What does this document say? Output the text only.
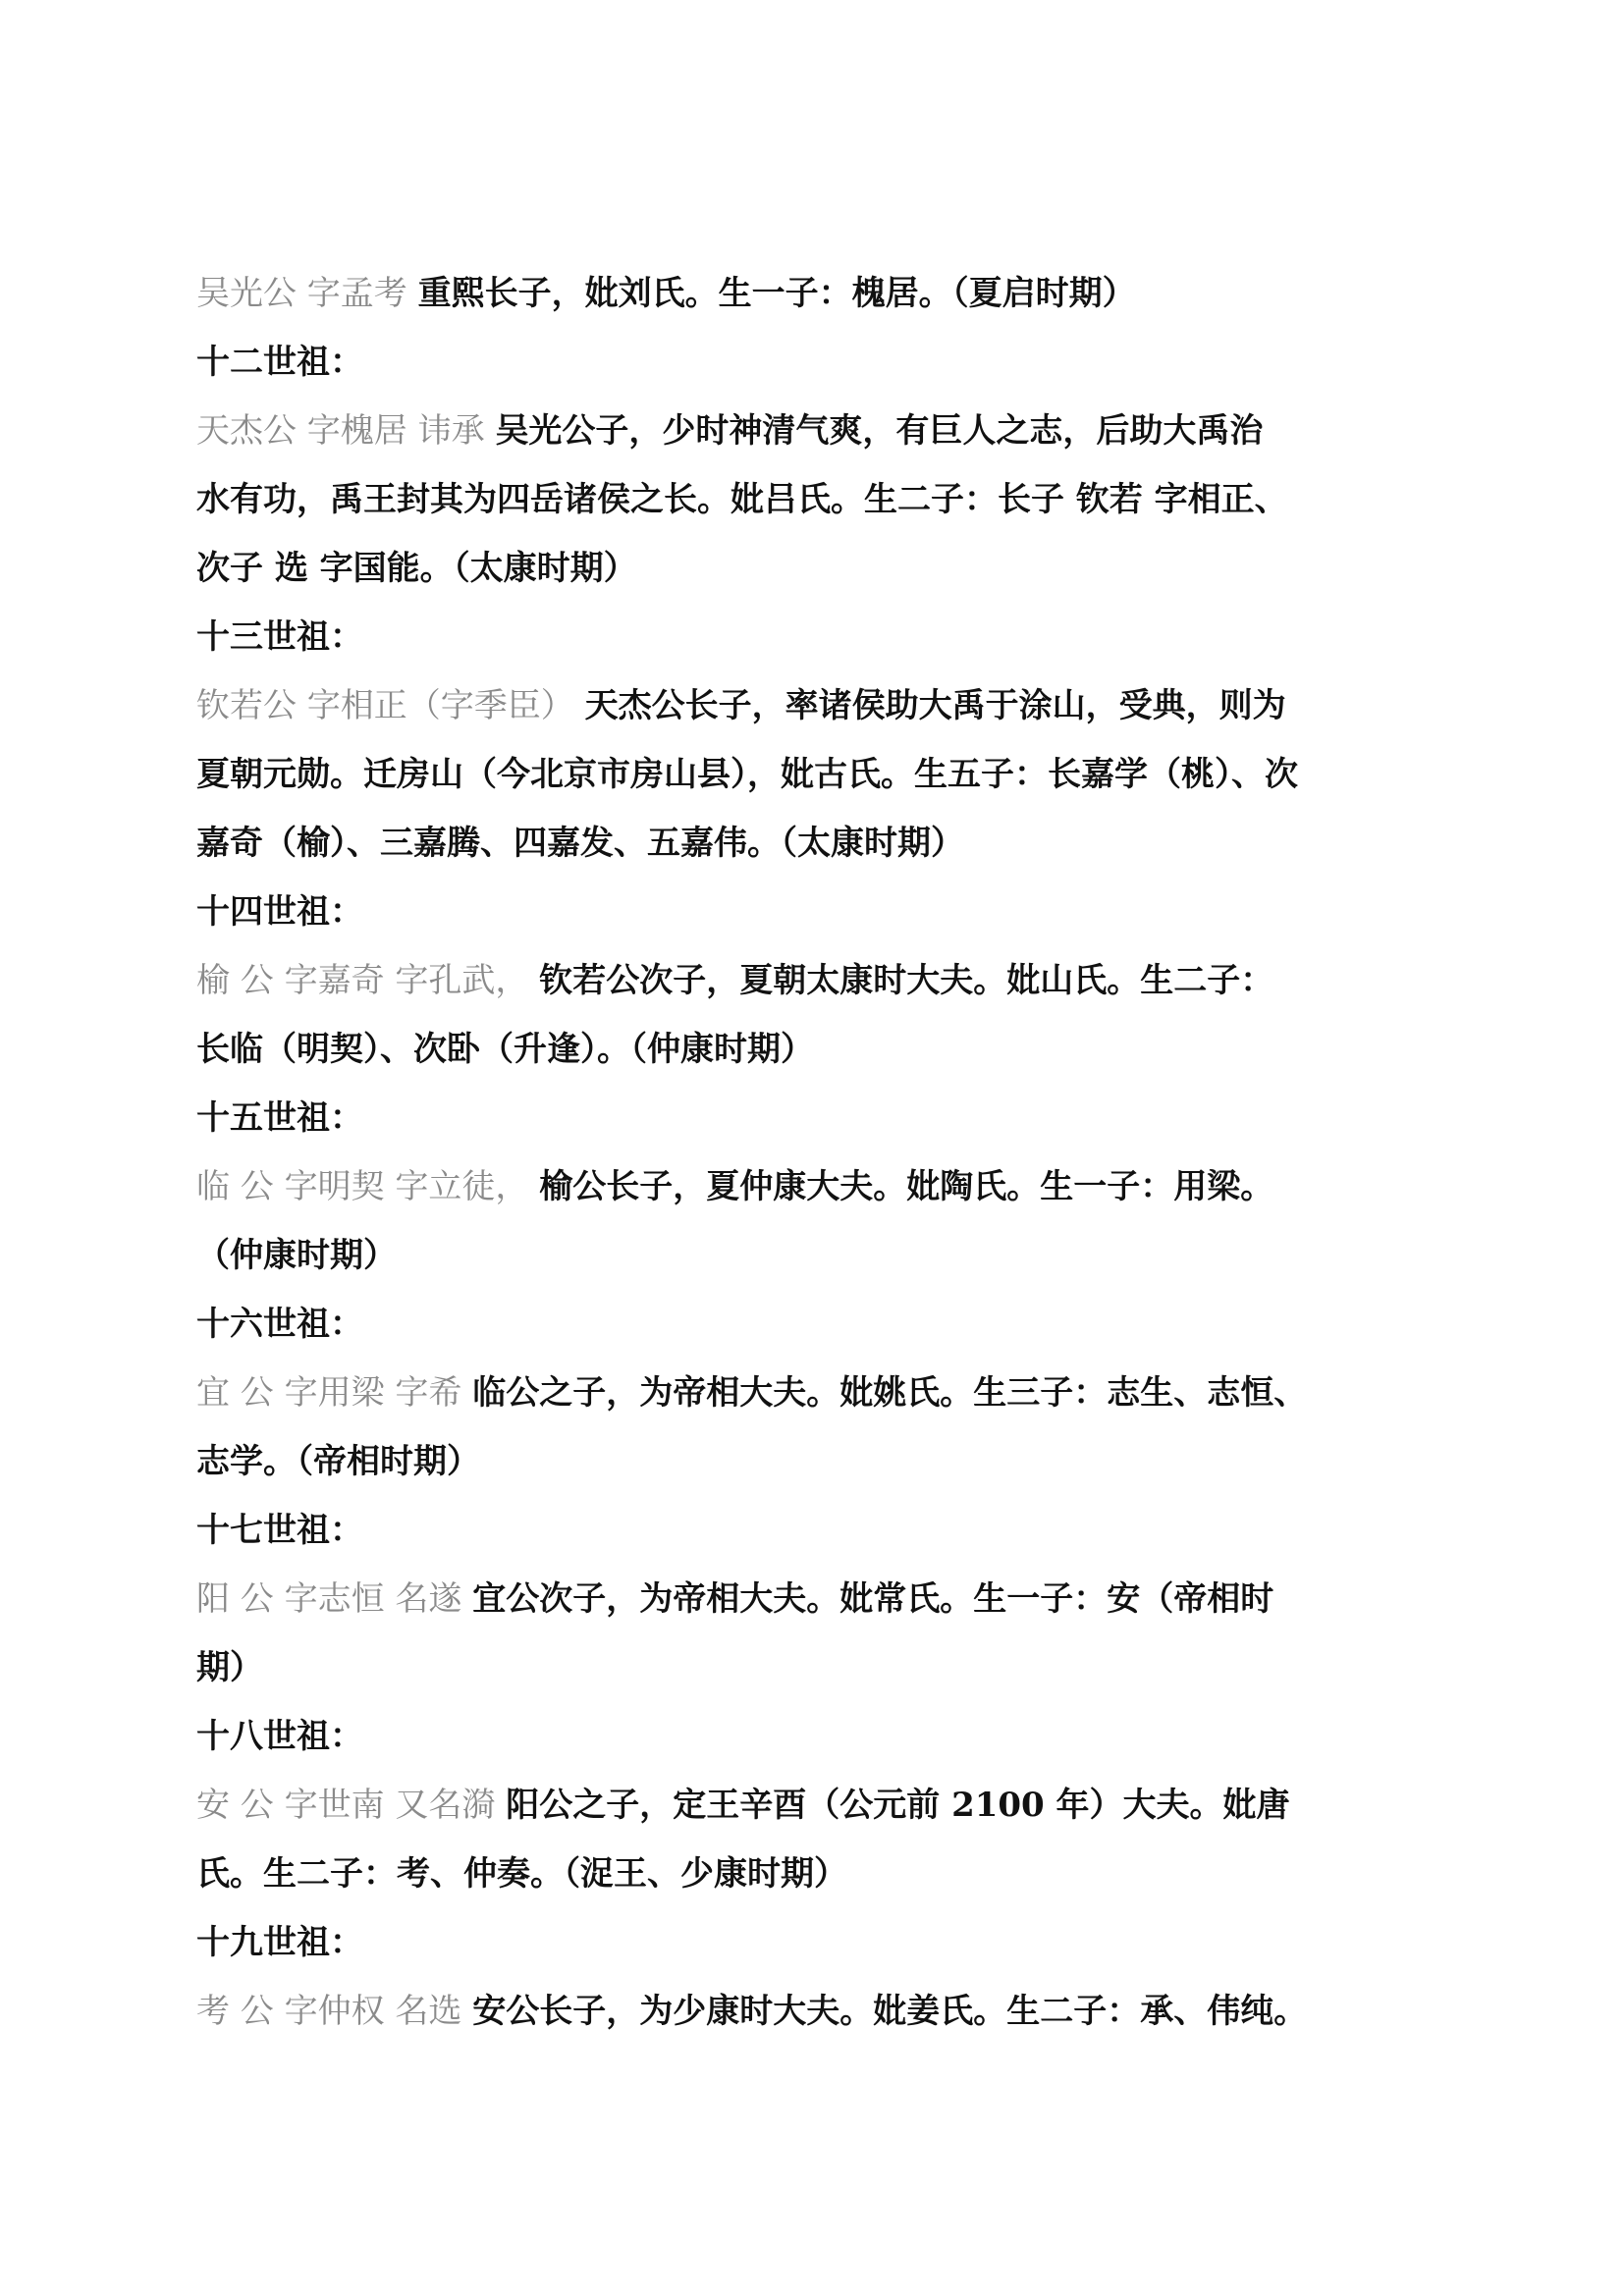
吴光公 字孟考 重熙长子，妣刘氏。生一子：槐居。（夏启时期）
十二世祖：
天杰公 字槐居 讳承 吴光公子，少时神清气爽，有巨人之志，后助大禹治
水有功，禹王封其为四岳诸侯之长。妣吕氏。生二子：长子 钦若 字相正、
次子 选 字国能。（太康时期）
十三世祖：
钦若公 字相正（字季臣） 天杰公长子，率诸侯助大禹于涂山，受典，则为
夏朝元勋。迁房山（今北京市房山县），妣古氏。生五子：长嘉学（桃）、次
嘉奇（榆）、三嘉腾、四嘉发、五嘉伟。（太康时期）
十四世祖：
榆 公 字嘉奇 字孔武， 钦若公次子，夏朝太康时大夫。妣山氏。生二子：
长临（明契）、次卧（升逢）。（仲康时期）
十五世祖：
临 公 字明契 字立徒， 榆公长子，夏仲康大夫。妣陶氏。生一子：用梁。
（仲康时期）
十六世祖：
宜 公 字用梁 字希 临公之子，为帝相大夫。妣姚氏。生三子：志生、志恒、
志学。（帝相时期）
十七世祖：
阳 公 字志恒 名遂 宜公次子，为帝相大夫。妣常氏。生一子：安（帝相时
期）
十八世祖：
安 公 字世南 又名漪 阳公之子，定王辛酉（公元前 2100 年）大夫。妣唐
氏。生二子：考、仲奏。（浞王、少康时期）
十九世祖：
考 公 字仲权 名选 安公长子，为少康时大夫。妣姜氏。生二子：承、伟纯。
